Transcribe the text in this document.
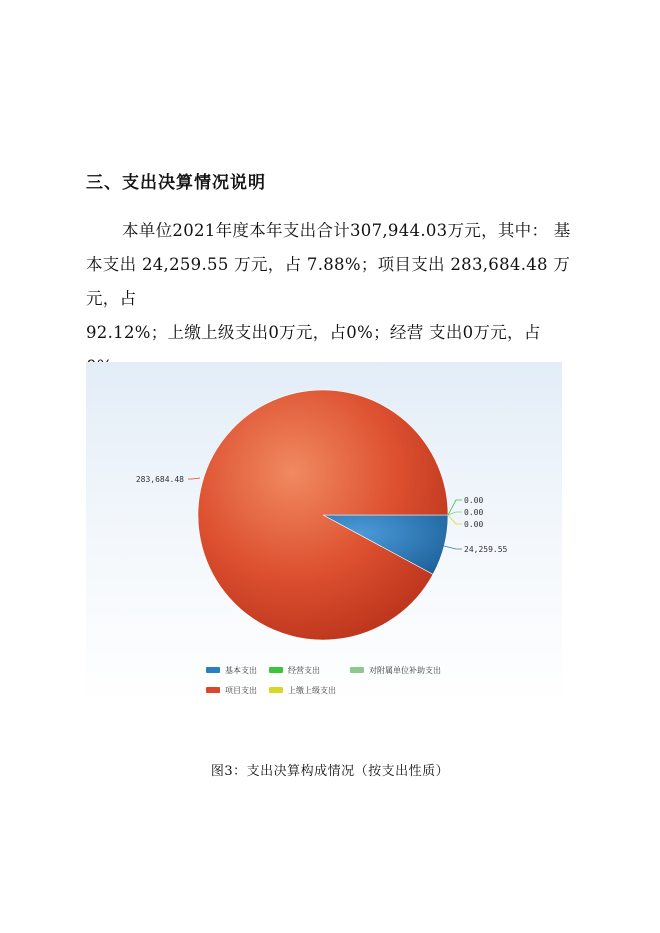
三、支出决算情况说明
本单位2021年度本年支出合计307,944.03万元，其中： 基
本支出 24,259.55 万元，占 7.88%；项目支出 283,684.48 万元，占
92.12%；上缴上级支出0万元，占0%；经营 支出0万元，占
283,684.48
24,259.55
0.00
0.00
0.00
基本支出	经营支出	对附属单位补助支出
项目支出	上缴上级支出
图3：支出决算构成情况（按支出性质）
